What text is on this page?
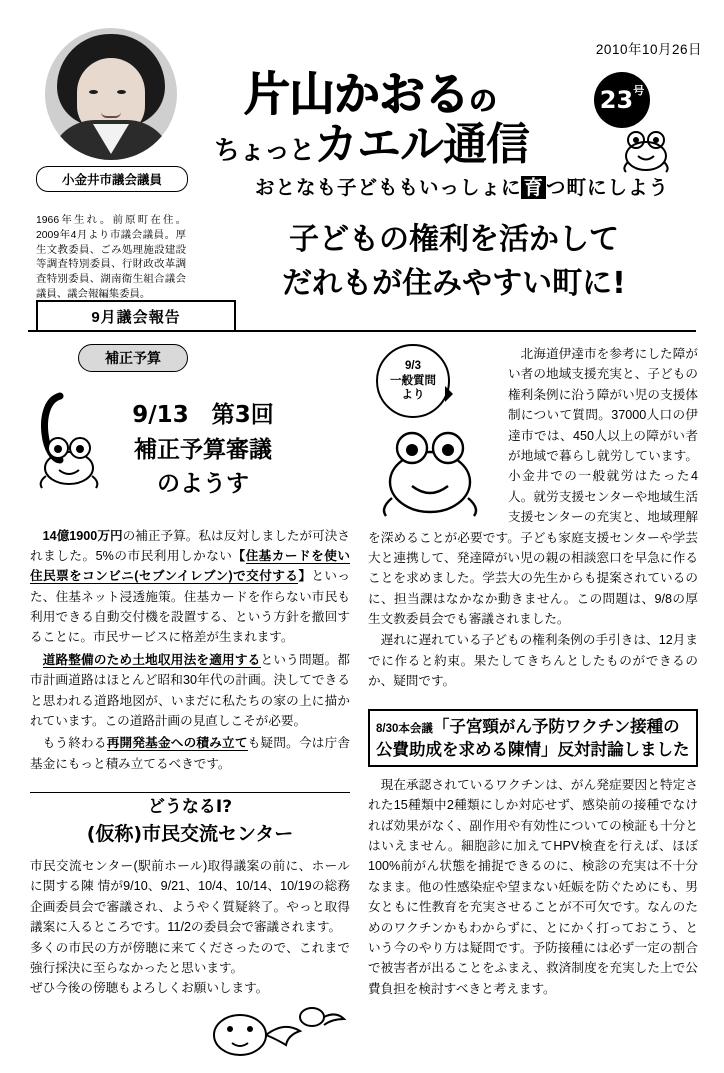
2010年10月26日
小金井市議会議員
1966年生れ。前原町在住。2009年4月より市議会議員。厚生文教委員、ごみ処理施設建設等調査特別委員、行財政改革調査特別委員、湖南衛生組合議会議員、議会報編集委員。
9月議会報告
片山かおるの
ちょっとカエル通信
23 号
おとなも子どももいっしょに 育 つ町にしよう
子どもの権利を活かして
だれもが住みやすい町に!
補正予算
9/13　第3回
補正予算審議
のようす

14億1900万円の補正予算。私は反対しましたが可決されました。5%の市民利用しかない【住基カードを使い住民票をコンビニ(セブンイレブン)で交付する】といった、住基ネット浸透施策。住基カードを作らない市民も利用できる自動交付機を設置する、という方針を撤回することに。市民サービスに格差が生まれます。

道路整備のため土地収用法を適用するという問題。都市計画道路はほとんど昭和30年代の計画。決してできると思われる道路地図が、いまだに私たちの家の上に描かれています。この道路計画の見直しこそが必要。

もう終わる再開発基金への積み立ても疑問。今は庁舎基金にもっと積み立てるべきです。

どうなるI?
(仮称)市民交流センター

市民交流センター(駅前ホール)取得議案の前に、ホールに関する陳 情が9/10、9/21、10/4、10/14、10/19の総務企画委員会で審議され、ようやく質疑終了。やっと取得議案に入るところです。11/2の委員会で審議されます。

多くの市民の方が傍聴に来てくださったので、これまで強行採決に至らなかったと思います。

ぜひ今後の傍聴もよろしくお願いします。

9/3
一般質問
より

北海道伊達市を参考にした障がい者の地域支援充実と、子どもの権利条例に沿う障がい児の支援体制について質問。37000人口の伊達市では、450人以上の障がい者が地域で暮らし就労しています。小金井での一般就労はたった4人。就労支援センターや地域生活支援センターの充実と、地域理解を深めることが必要です。子ども家庭支援センターや学芸大と連携して、発達障がい児の親の相談窓口を早急に作ることを求めました。学芸大の先生からも提案されているのに、担当課はなかなか動きません。この問題は、9/8の厚生文教委員会でも審議されました。

遅れに遅れている子どもの権利条例の手引きは、12月までに作ると約束。果たしてきちんとしたものができるのか、疑問です。

8/30本会議「子宮頸がん予防ワクチン接種の公費助成を求める陳情」反対討論しました

現在承認されているワクチンは、がん発症要因と特定された15種類中2種類にしか対応せず、感染前の接種でなければ効果がなく、副作用や有効性についての検証も十分とはいえません。細胞診に加えてHPV検査を行えば、ほぼ100%前がん状態を捕捉できるのに、検診の充実は不十分なまま。他の性感染症や望まない妊娠を防ぐためにも、男女ともに性教育を充実させることが不可欠です。なんのためのワクチンかもわからずに、とにかく打っておこう、という今のやり方は疑問です。予防接種には必ず一定の割合で被害者が出ることをふまえ、救済制度を充実した上で公費負担を検討すべきと考えます。
